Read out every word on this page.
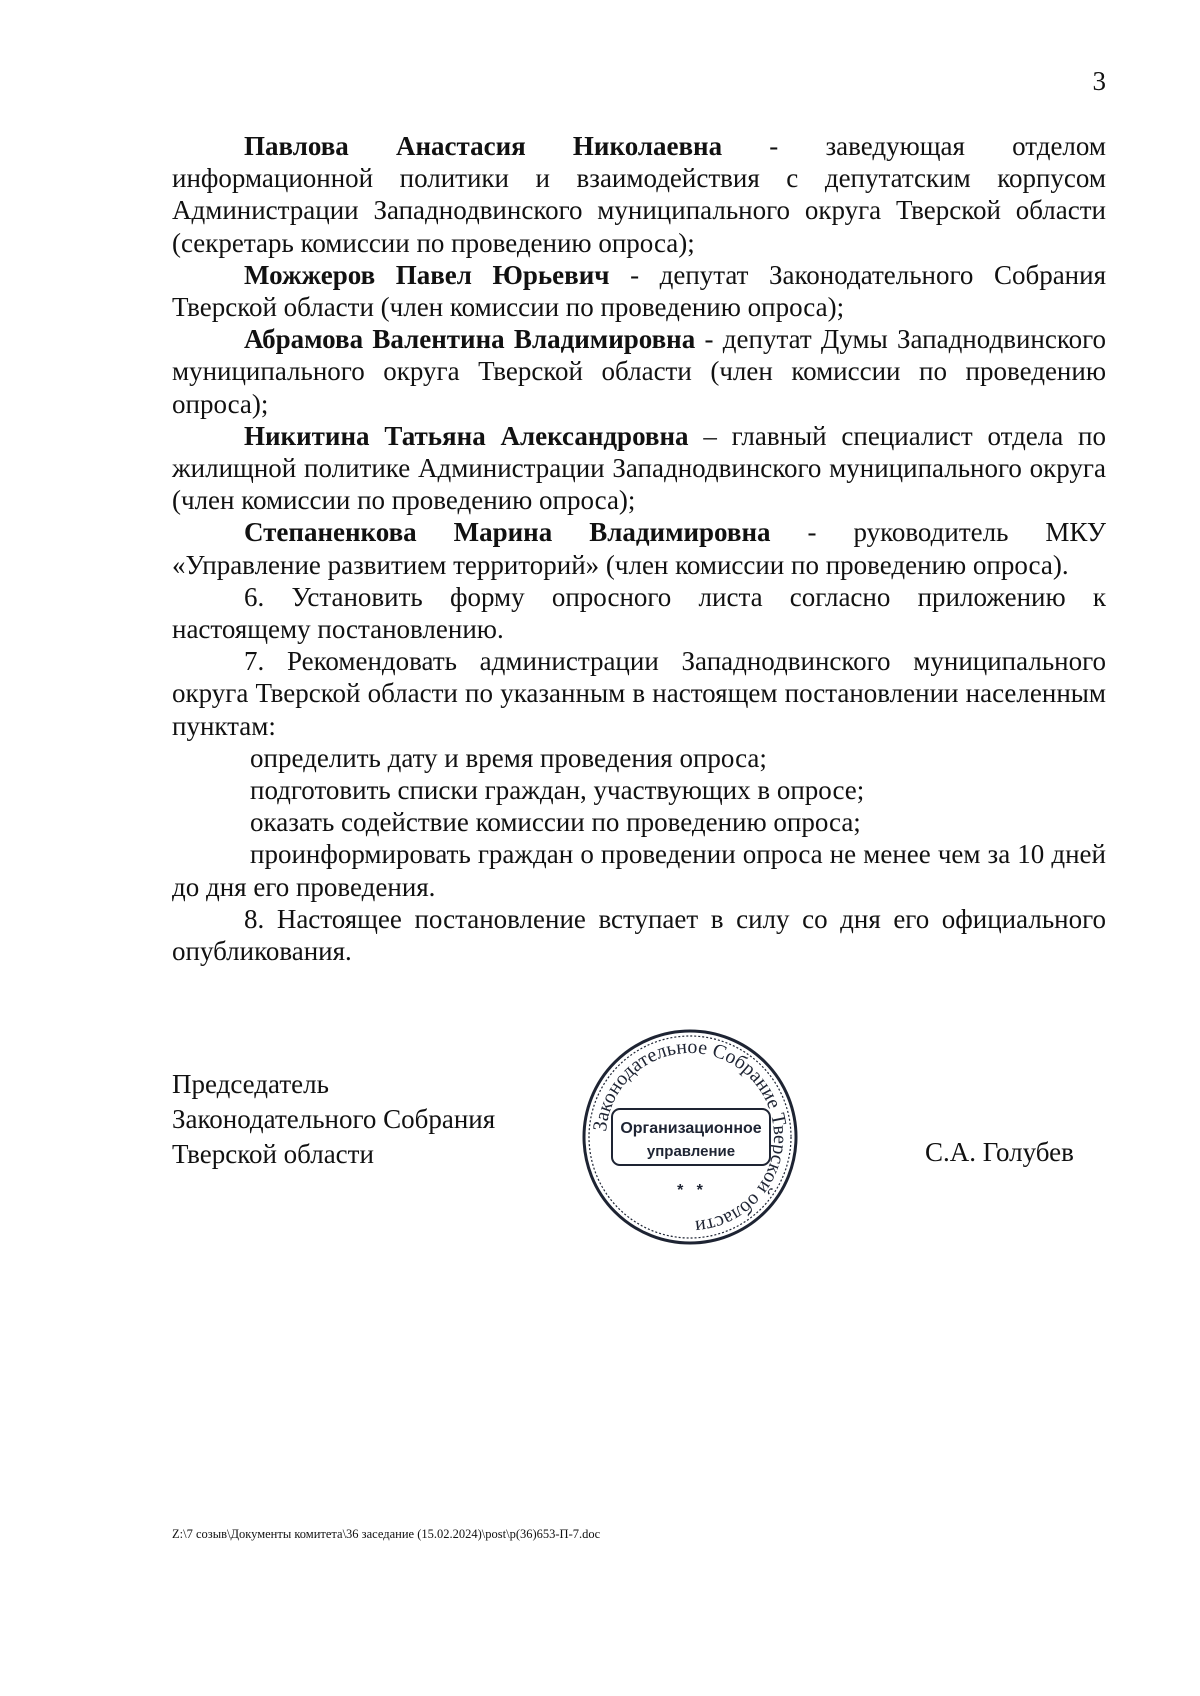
3

Павлова Анастасия Николаевна - заведующая отделом информационной политики и взаимодействия с депутатским корпусом Администрации Западнодвинского муниципального округа Тверской области (секретарь комиссии по проведению опроса);

Можжеров Павел Юрьевич - депутат Законодательного Собрания Тверской области (член комиссии по проведению опроса);

Абрамова Валентина Владимировна - депутат Думы Западнодвинского муниципального округа Тверской области (член комиссии по проведению опроса);

Никитина Татьяна Александровна – главный специалист отдела по жилищной политике Администрации Западнодвинского муниципального округа (член комиссии по проведению опроса);

Степаненкова Марина Владимировна - руководитель МКУ «Управление развитием территорий» (член комиссии по проведению опроса).

6. Установить форму опросного листа согласно приложению к настоящему постановлению.

7. Рекомендовать администрации Западнодвинского муниципального округа Тверской области по указанным в настоящем постановлении населенным пунктам:

определить дату и время проведения опроса;

подготовить списки граждан, участвующих в опросе;

оказать содействие комиссии по проведению опроса;

проинформировать граждан о проведении опроса не менее чем за 10 дней до дня его проведения.

8. Настоящее постановление вступает в силу со дня его официального опубликования.

Председатель
Законодательного Собрания
Тверской области
Законодательное Собрание Тверской области
Организационное
управление
*   *
С.А. Голубев
Z:\7 созыв\Документы комитета\36 заседание (15.02.2024)\post\p(36)653-П-7.doc
